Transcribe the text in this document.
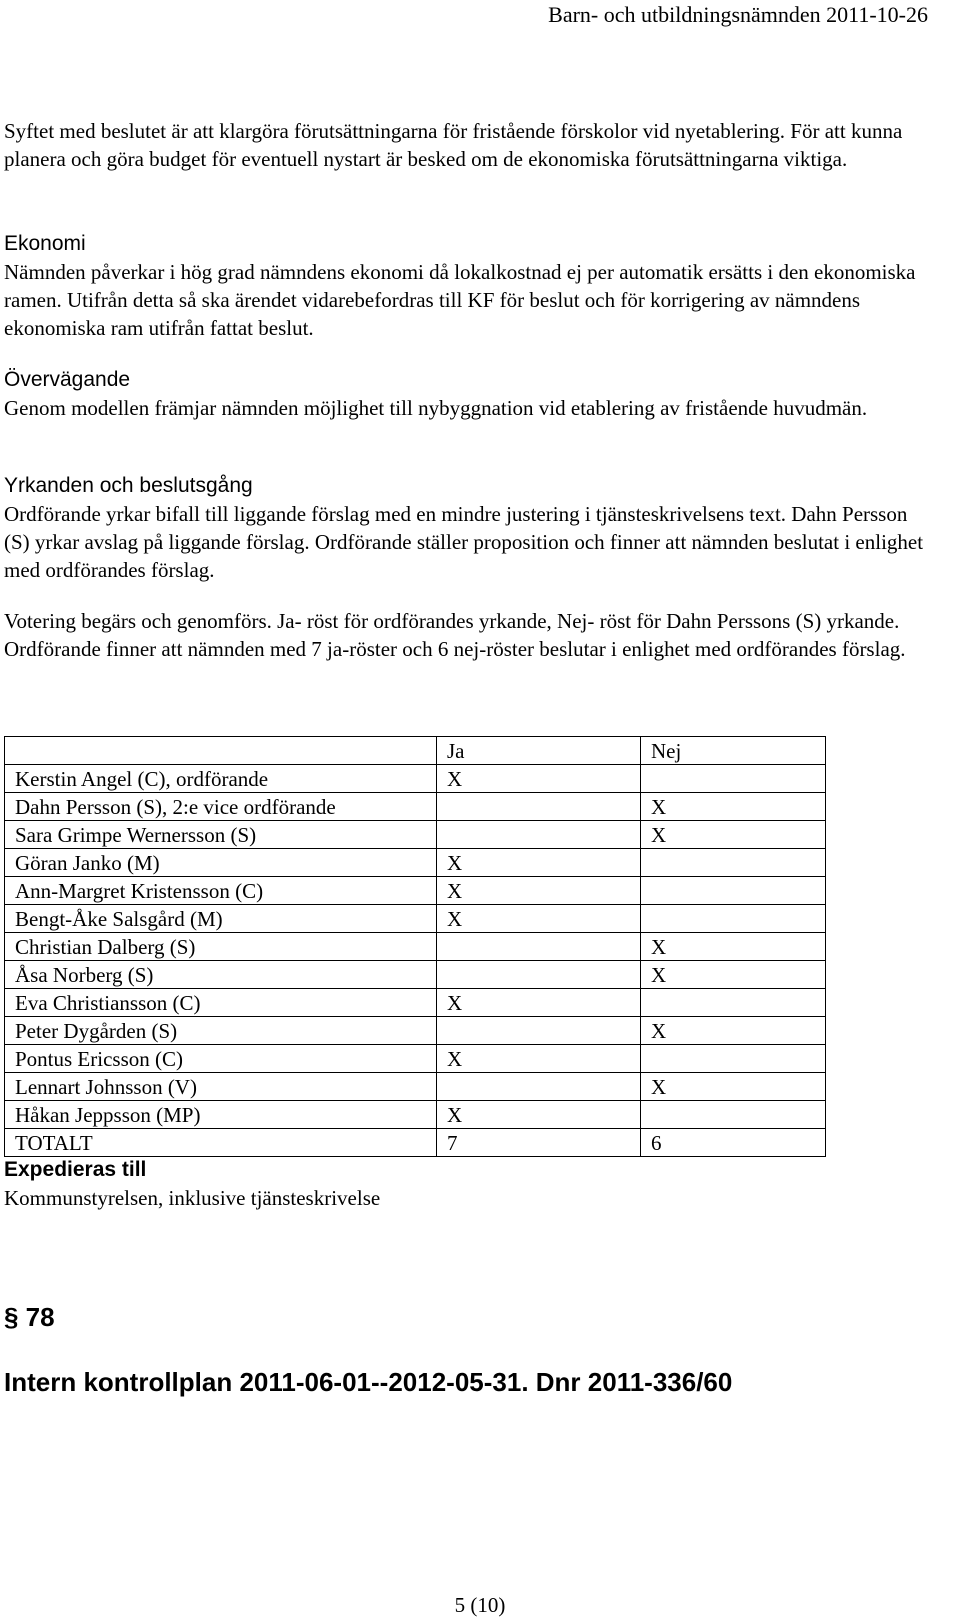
Barn- och utbildningsnämnden 2011-10-26

Syftet med beslutet är att klargöra förutsättningarna för fristående förskolor vid nyetablering. För att kunna planera och göra budget för eventuell nystart är besked om de ekonomiska förutsättningarna viktiga.

Ekonomi

Nämnden påverkar i hög grad nämndens ekonomi då lokalkostnad ej per automatik ersätts i den ekonomiska ramen. Utifrån detta så ska ärendet vidarebefordras till KF för beslut och för korrigering av nämndens ekonomiska ram utifrån fattat beslut.

Övervägande

Genom modellen främjar nämnden möjlighet till nybyggnation vid etablering av fristående huvudmän.

Yrkanden och beslutsgång

Ordförande yrkar bifall till liggande förslag med en mindre justering i tjänsteskrivelsens text. Dahn Persson (S) yrkar avslag på liggande förslag. Ordförande ställer proposition och finner att nämnden beslutat i enlighet med ordförandes förslag.

Votering begärs och genomförs. Ja- röst för ordförandes yrkande, Nej- röst för Dahn Perssons (S) yrkande. Ordförande finner att nämnden med 7 ja-röster och 6 nej-röster beslutar i enlighet med ordförandes förslag.

	Ja	Nej
Kerstin Angel (C), ordförande	X	
Dahn Persson (S), 2:e vice ordförande		X
Sara Grimpe Wernersson (S)		X
Göran Janko (M)	X	
Ann-Margret Kristensson (C)	X	
Bengt-Åke Salsgård (M)	X	
Christian Dalberg (S)		X
Åsa Norberg (S)		X
Eva Christiansson (C)	X	
Peter Dygården (S)		X
Pontus Ericsson (C)	X	
Lennart Johnsson (V)		X
Håkan Jeppsson (MP)	X	
TOTALT	7	6
Expedieras till

Kommunstyrelsen, inklusive tjänsteskrivelse

§ 78
Intern kontrollplan 2011-06-01--2012-05-31. Dnr 2011-336/60
5 (10)
